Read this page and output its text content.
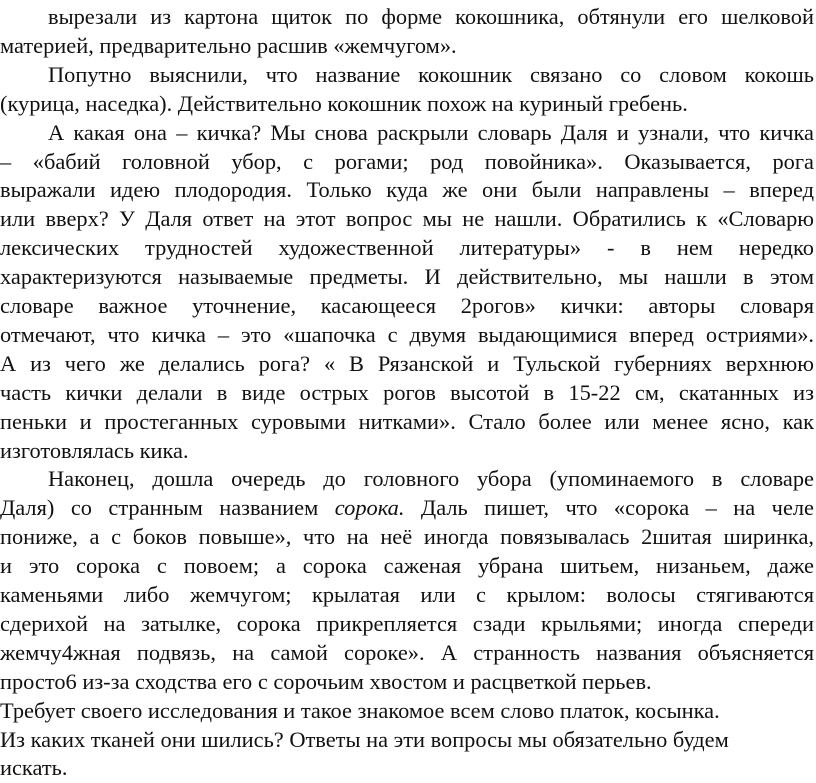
вырезали из картона щиток по форме кокошника, обтянули его шелковой
материей, предварительно расшив «жемчугом».
Попутно выяснили, что название кокошник связано со словом кокошь
(курица, наседка). Действительно кокошник похож на куриный гребень.
А какая она – кичка? Мы снова раскрыли словарь Даля и узнали, что кичка
– «бабий головной убор, с рогами; род повойника». Оказывается, рога
выражали идею плодородия. Только куда же они были направлены – вперед
или вверх? У Даля ответ на этот вопрос мы не нашли. Обратились к «Словарю
лексических трудностей художественной литературы» - в нем нередко
характеризуются называемые предметы. И действительно, мы нашли в этом
словаре важное уточнение, касающееся 2рогов» кички: авторы словаря
отмечают, что кичка – это «шапочка с двумя выдающимися вперед остриями».
А из чего же делались рога? « В Рязанской и Тульской губерниях верхнюю
часть кички делали в виде острых рогов высотой в 15-22 см, скатанных из
пеньки и простеганных суровыми нитками». Стало более или менее ясно, как
изготовлялась кика.
Наконец, дошла очередь до головного убора (упоминаемого в словаре
Даля) со странным названием сорока. Даль пишет, что «сорока – на челе
пониже, а с боков повыше», что на неё иногда повязывалась 2шитая ширинка,
и это сорока с повоем; а сорока саженая убрана шитьем, низаньем, даже
каменьями либо жемчугом; крылатая или с крылом: волосы стягиваются
сдерихой на затылке, сорока прикрепляется сзади крыльями; иногда спереди
жемчу4жная подвязь, на самой сороке». А странность названия объясняется
просто6 из-за сходства его с сорочьим хвостом и расцветкой перьев.
Требует своего исследования и такое знакомое всем слово платок, косынка.
Из каких тканей они шились? Ответы на эти вопросы мы обязательно будем
искать.
